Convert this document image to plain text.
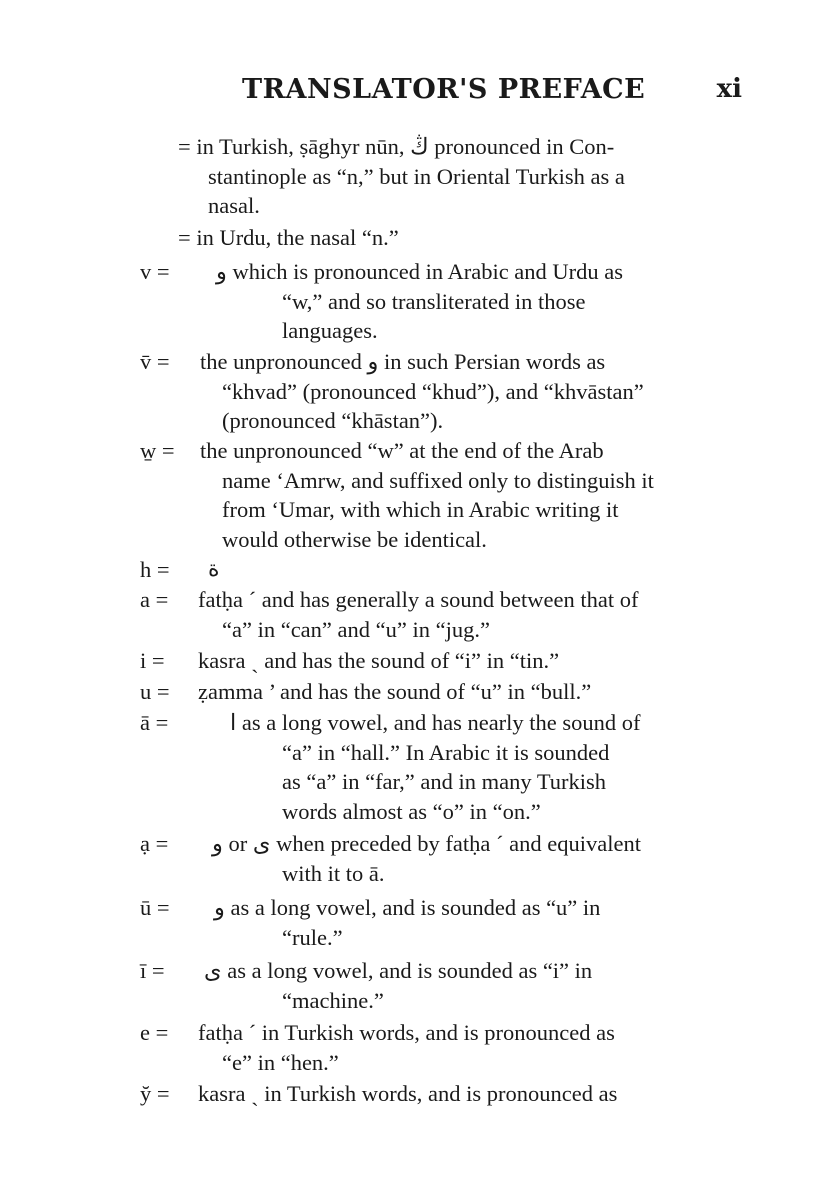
TRANSLATOR'S PREFACE	xi
= in Turkish, ṣāghyr nūn, ڭ pronounced in Con-
stantinople as “n,” but in Oriental Turkish as a
nasal.
= in Urdu, the nasal “n.”
v = و which is pronounced in Arabic and Urdu as
“w,” and so transliterated in those
languages.
v̄ = the unpronounced و in such Persian words as
“khvad” (pronounced “khud”), and “khvāstan”
(pronounced “khāstan”).
w̱ = the unpronounced “w” at the end of the Arab
name ‘Amrw, and suffixed only to distinguish it
from ‘Umar, with which in Arabic writing it
would otherwise be identical.
h = ة
a = fatḥa ´ and has generally a sound between that of
“a” in “can” and “u” in “jug.”
i = kasra ˏ and has the sound of “i” in “tin.”
u = ẓamma ’ and has the sound of “u” in “bull.”
ā =	ا as a long vowel, and has nearly the sound of
“a” in “hall.” In Arabic it is sounded
as “a” in “far,” and in many Turkish
words almost as “o” in “on.”
ạ = و or ى when preceded by fatḥa ´ and equivalent
with it to ā.
ū = و as a long vowel, and is sounded as “u” in
“rule.”
ī = ى as a long vowel, and is sounded as “i” in
“machine.”
e = fatḥa ´ in Turkish words, and is pronounced as
“e” in “hen.”
y̆ = kasra ˏ in Turkish words, and is pronounced as
